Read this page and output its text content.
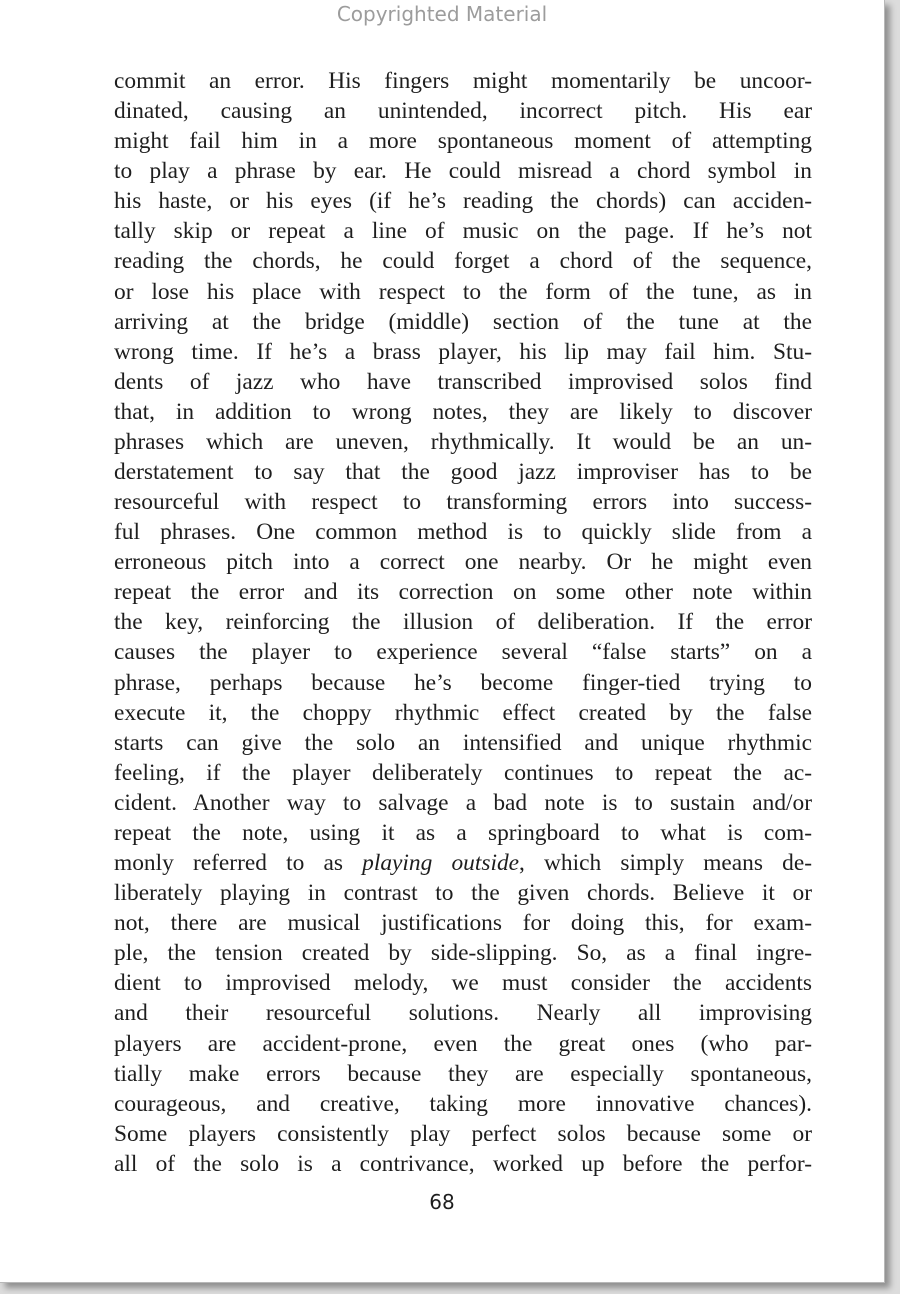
Copyrighted Material
commit an error. His fingers might momentarily be uncoor-
dinated, causing an unintended, incorrect pitch. His ear
might fail him in a more spontaneous moment of attempting
to play a phrase by ear. He could misread a chord symbol in
his haste, or his eyes (if he’s reading the chords) can acciden-
tally skip or repeat a line of music on the page. If he’s not
reading the chords, he could forget a chord of the sequence,
or lose his place with respect to the form of the tune, as in
arriving at the bridge (middle) section of the tune at the
wrong time. If he’s a brass player, his lip may fail him. Stu-
dents of jazz who have transcribed improvised solos find
that, in addition to wrong notes, they are likely to discover
phrases which are uneven, rhythmically. It would be an un-
derstatement to say that the good jazz improviser has to be
resourceful with respect to transforming errors into success-
ful phrases. One common method is to quickly slide from a
erroneous pitch into a correct one nearby. Or he might even
repeat the error and its correction on some other note within
the key, reinforcing the illusion of deliberation. If the error
causes the player to experience several “false starts” on a
phrase, perhaps because he’s become finger-tied trying to
execute it, the choppy rhythmic effect created by the false
starts can give the solo an intensified and unique rhythmic
feeling, if the player deliberately continues to repeat the ac-
cident. Another way to salvage a bad note is to sustain and/or
repeat the note, using it as a springboard to what is com-
monly referred to as playing outside, which simply means de-
liberately playing in contrast to the given chords. Believe it or
not, there are musical justifications for doing this, for exam-
ple, the tension created by side-slipping. So, as a final ingre-
dient to improvised melody, we must consider the accidents
and their resourceful solutions. Nearly all improvising
players are accident-prone, even the great ones (who par-
tially make errors because they are especially spontaneous,
courageous, and creative, taking more innovative chances).
Some players consistently play perfect solos because some or
all of the solo is a contrivance, worked up before the perfor-
68
